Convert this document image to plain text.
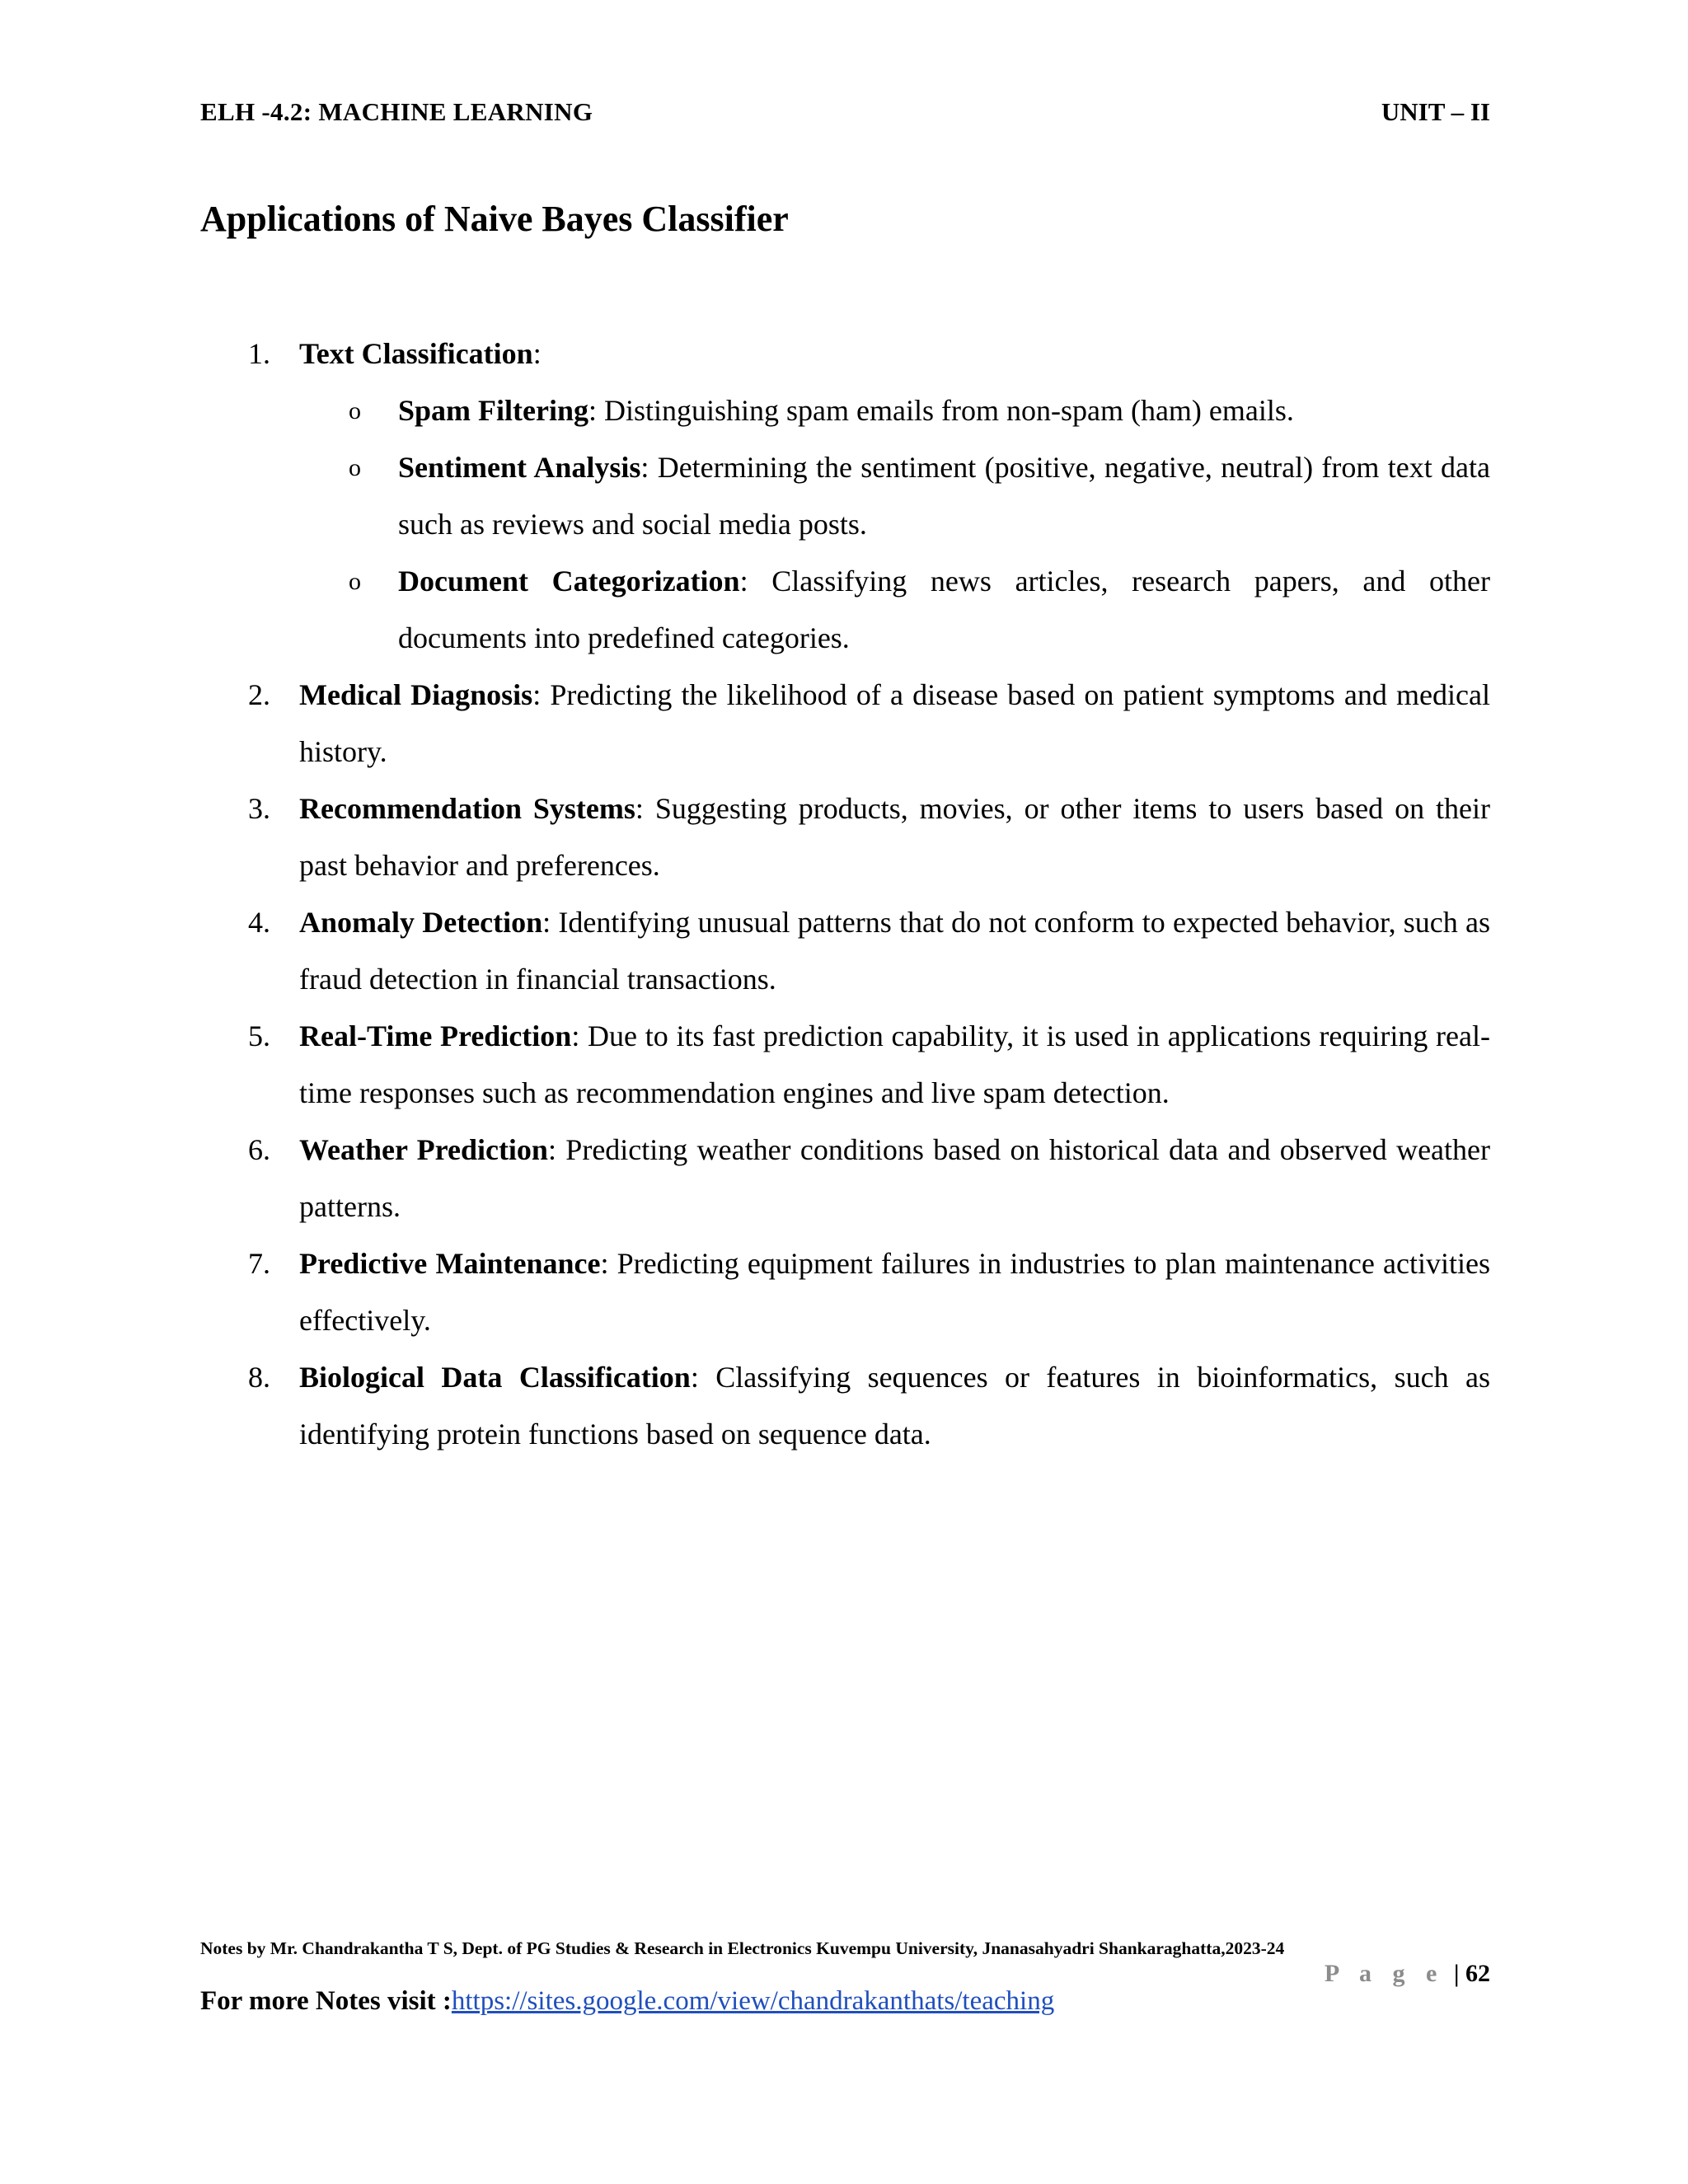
ELH -4.2: MACHINE LEARNING	UNIT – II
Applications of Naive Bayes Classifier
1. Text Classification:
o Spam Filtering: Distinguishing spam emails from non-spam (ham) emails.
o Sentiment Analysis: Determining the sentiment (positive, negative, neutral) from text data such as reviews and social media posts.
o Document Categorization: Classifying news articles, research papers, and other documents into predefined categories.
2. Medical Diagnosis: Predicting the likelihood of a disease based on patient symptoms and medical history.
3. Recommendation Systems: Suggesting products, movies, or other items to users based on their past behavior and preferences.
4. Anomaly Detection: Identifying unusual patterns that do not conform to expected behavior, such as fraud detection in financial transactions.
5. Real-Time Prediction: Due to its fast prediction capability, it is used in applications requiring real-time responses such as recommendation engines and live spam detection.
6. Weather Prediction: Predicting weather conditions based on historical data and observed weather patterns.
7. Predictive Maintenance: Predicting equipment failures in industries to plan maintenance activities effectively.
8. Biological Data Classification: Classifying sequences or features in bioinformatics, such as identifying protein functions based on sequence data.
Notes by Mr. Chandrakantha T S, Dept. of PG Studies & Research in Electronics Kuvempu University, Jnanasahyadri Shankaraghatta,2023-24
P a g e | 62
For more Notes visit :https://sites.google.com/view/chandrakanthats/teaching
